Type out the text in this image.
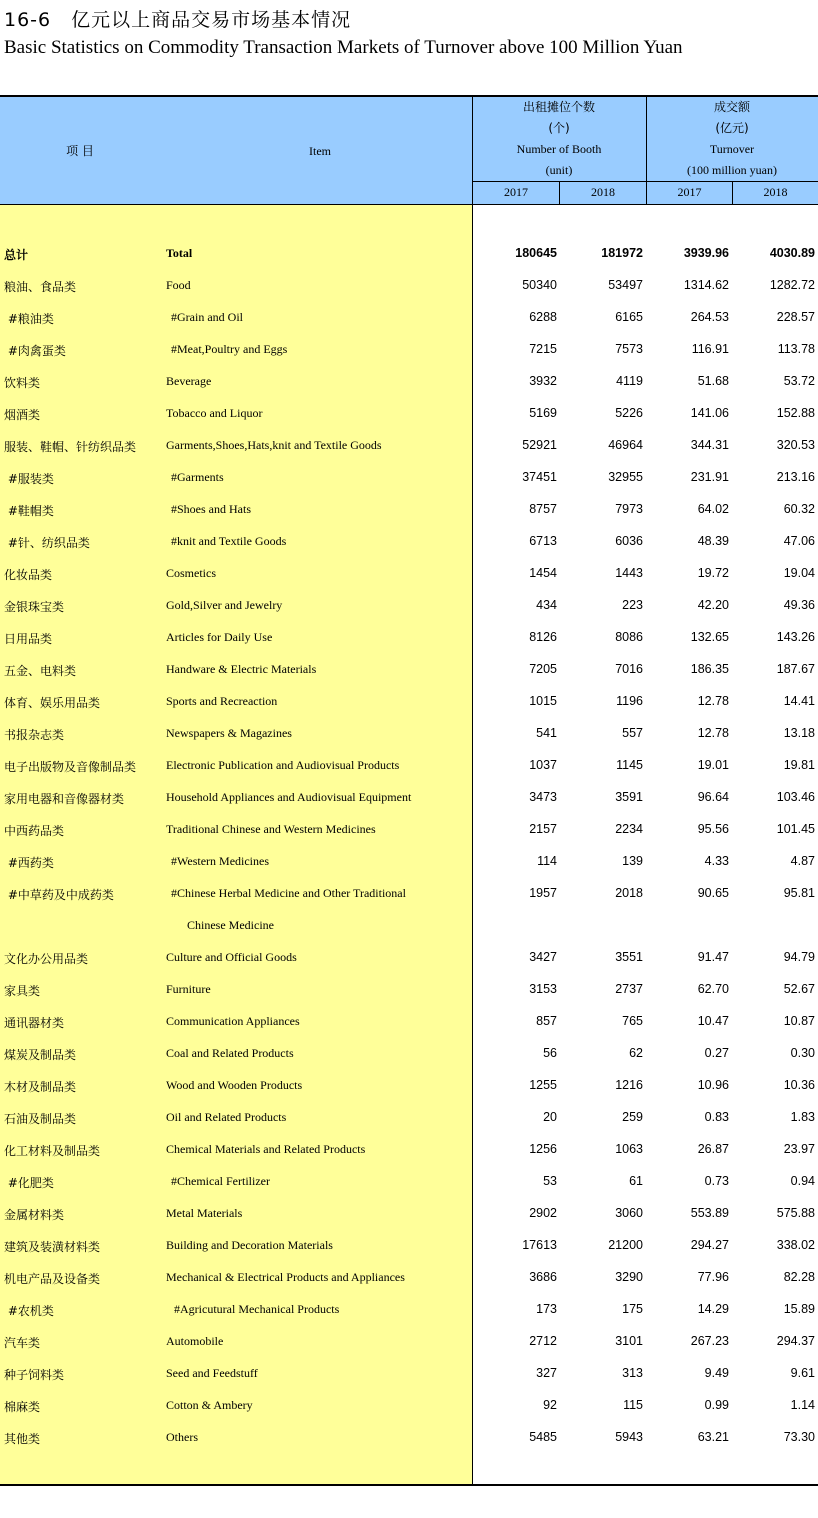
16-6　亿元以上商品交易市场基本情况
Basic Statistics on Commodity Transaction Markets of Turnover above 100 Million Yuan
项 目	Item
出租摊位个数
(个)
Number of Booth
(unit)
成交额
(亿元)
Turnover
(100 million yuan)
2017	2018	2017	2018
总计	Total	180645	181972	3939.96	4030.89
粮油、食品类	Food	50340	53497	1314.62	1282.72
#粮油类	#Grain and Oil	6288	6165	264.53	228.57
#肉禽蛋类	#Meat,Poultry and Eggs	7215	7573	116.91	113.78
饮料类	Beverage	3932	4119	51.68	53.72
烟酒类	Tobacco and Liquor	5169	5226	141.06	152.88
服装、鞋帽、针纺织品类 Garments,Shoes,Hats,knit and Textile Goods	52921	46964	344.31	320.53
#服装类	#Garments	37451	32955	231.91	213.16
#鞋帽类	#Shoes and Hats	8757	7973	64.02	60.32
#针、纺织品类	#knit and Textile Goods	6713	6036	48.39	47.06
化妆品类	Cosmetics	1454	1443	19.72	19.04
金银珠宝类	Gold,Silver and Jewelry	434	223	42.20	49.36
日用品类	Articles for Daily Use	8126	8086	132.65	143.26
五金、电料类	Handware & Electric Materials	7205	7016	186.35	187.67
体育、娱乐用品类	Sports and Recreaction	1015	1196	12.78	14.41
书报杂志类	Newspapers & Magazines	541	557	12.78	13.18
电子出版物及音像制品类 Electronic Publication and Audiovisual Products	1037	1145	19.01	19.81
家用电器和音像器材类	Household Appliances and Audiovisual Equipment	3473	3591	96.64	103.46
中西药品类	Traditional Chinese and Western Medicines	2157	2234	95.56	101.45
#西药类	#Western Medicines	114	139	4.33	4.87
#中草药及中成药类	#Chinese Herbal Medicine and Other Traditional	1957	2018	90.65	95.81
Chinese Medicine
文化办公用品类	Culture and Official Goods	3427	3551	91.47	94.79
家具类	Furniture	3153	2737	62.70	52.67
通讯器材类	Communication Appliances	857	765	10.47	10.87
煤炭及制品类	Coal and Related Products	56	62	0.27	0.30
木材及制品类	Wood and Wooden Products	1255	1216	10.96	10.36
石油及制品类	Oil and Related Products	20	259	0.83	1.83
化工材料及制品类	Chemical Materials and Related Products	1256	1063	26.87	23.97
#化肥类	#Chemical Fertilizer	53	61	0.73	0.94
金属材料类	Metal Materials	2902	3060	553.89	575.88
建筑及装潢材料类	Building and Decoration Materials	17613	21200	294.27	338.02
机电产品及设备类	Mechanical & Electrical Products and Appliances	3686	3290	77.96	82.28
#农机类	#Agricutural Mechanical Products	173	175	14.29	15.89
汽车类	Automobile	2712	3101	267.23	294.37
种子饲料类	Seed and Feedstuff	327	313	9.49	9.61
棉麻类	Cotton & Ambery	92	115	0.99	1.14
其他类	Others	5485	5943	63.21	73.30
